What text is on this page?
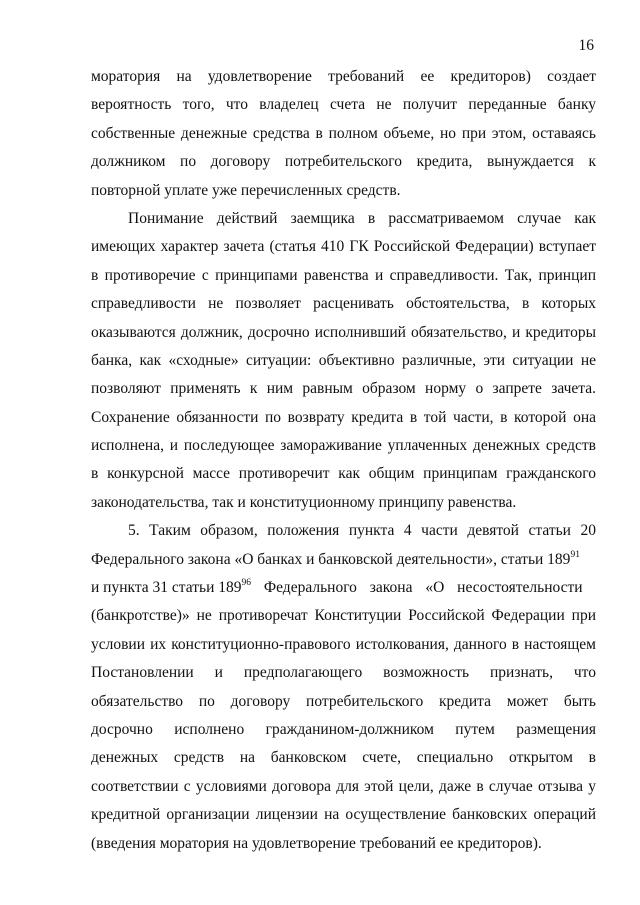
16
моратория на удовлетворение требований ее кредиторов) создает
вероятность того, что владелец счета не получит переданные банку
собственные денежные средства в полном объеме, но при этом, оставаясь
должником по договору потребительского кредита, вынуждается к
повторной уплате уже перечисленных средств.
Понимание действий заемщика в рассматриваемом случае как
имеющих характер зачета (статья 410 ГК Российской Федерации) вступает
в противоречие с принципами равенства и справедливости. Так, принцип
справедливости не позволяет расценивать обстоятельства, в которых
оказываются должник, досрочно исполнивший обязательство, и кредиторы
банка, как «сходные» ситуации: объективно различные, эти ситуации не
позволяют применять к ним равным образом норму о запрете зачета.
Сохранение обязанности по возврату кредита в той части, в которой она
исполнена, и последующее замораживание уплаченных денежных средств
в конкурсной массе противоречит как общим принципам гражданского
законодательства, так и конституционному принципу равенства.
5. Таким образом, положения пункта 4 части девятой статьи 20
Федерального закона «О банках и банковской деятельности», статьи $189^{91}$
и пункта 31 статьи $189^{96}$ Федерального закона «О несостоятельности
(банкротстве)» не противоречат Конституции Российской Федерации при
условии их конституционно-правового истолкования, данного в настоящем
Постановлении и предполагающего возможность признать, что
обязательство по договору потребительского кредита может быть
досрочно исполнено гражданином-должником путем размещения
денежных средств на банковском счете, специально открытом в
соответствии с условиями договора для этой цели, даже в случае отзыва у
кредитной организации лицензии на осуществление банковских операций
(введения моратория на удовлетворение требований ее кредиторов).
